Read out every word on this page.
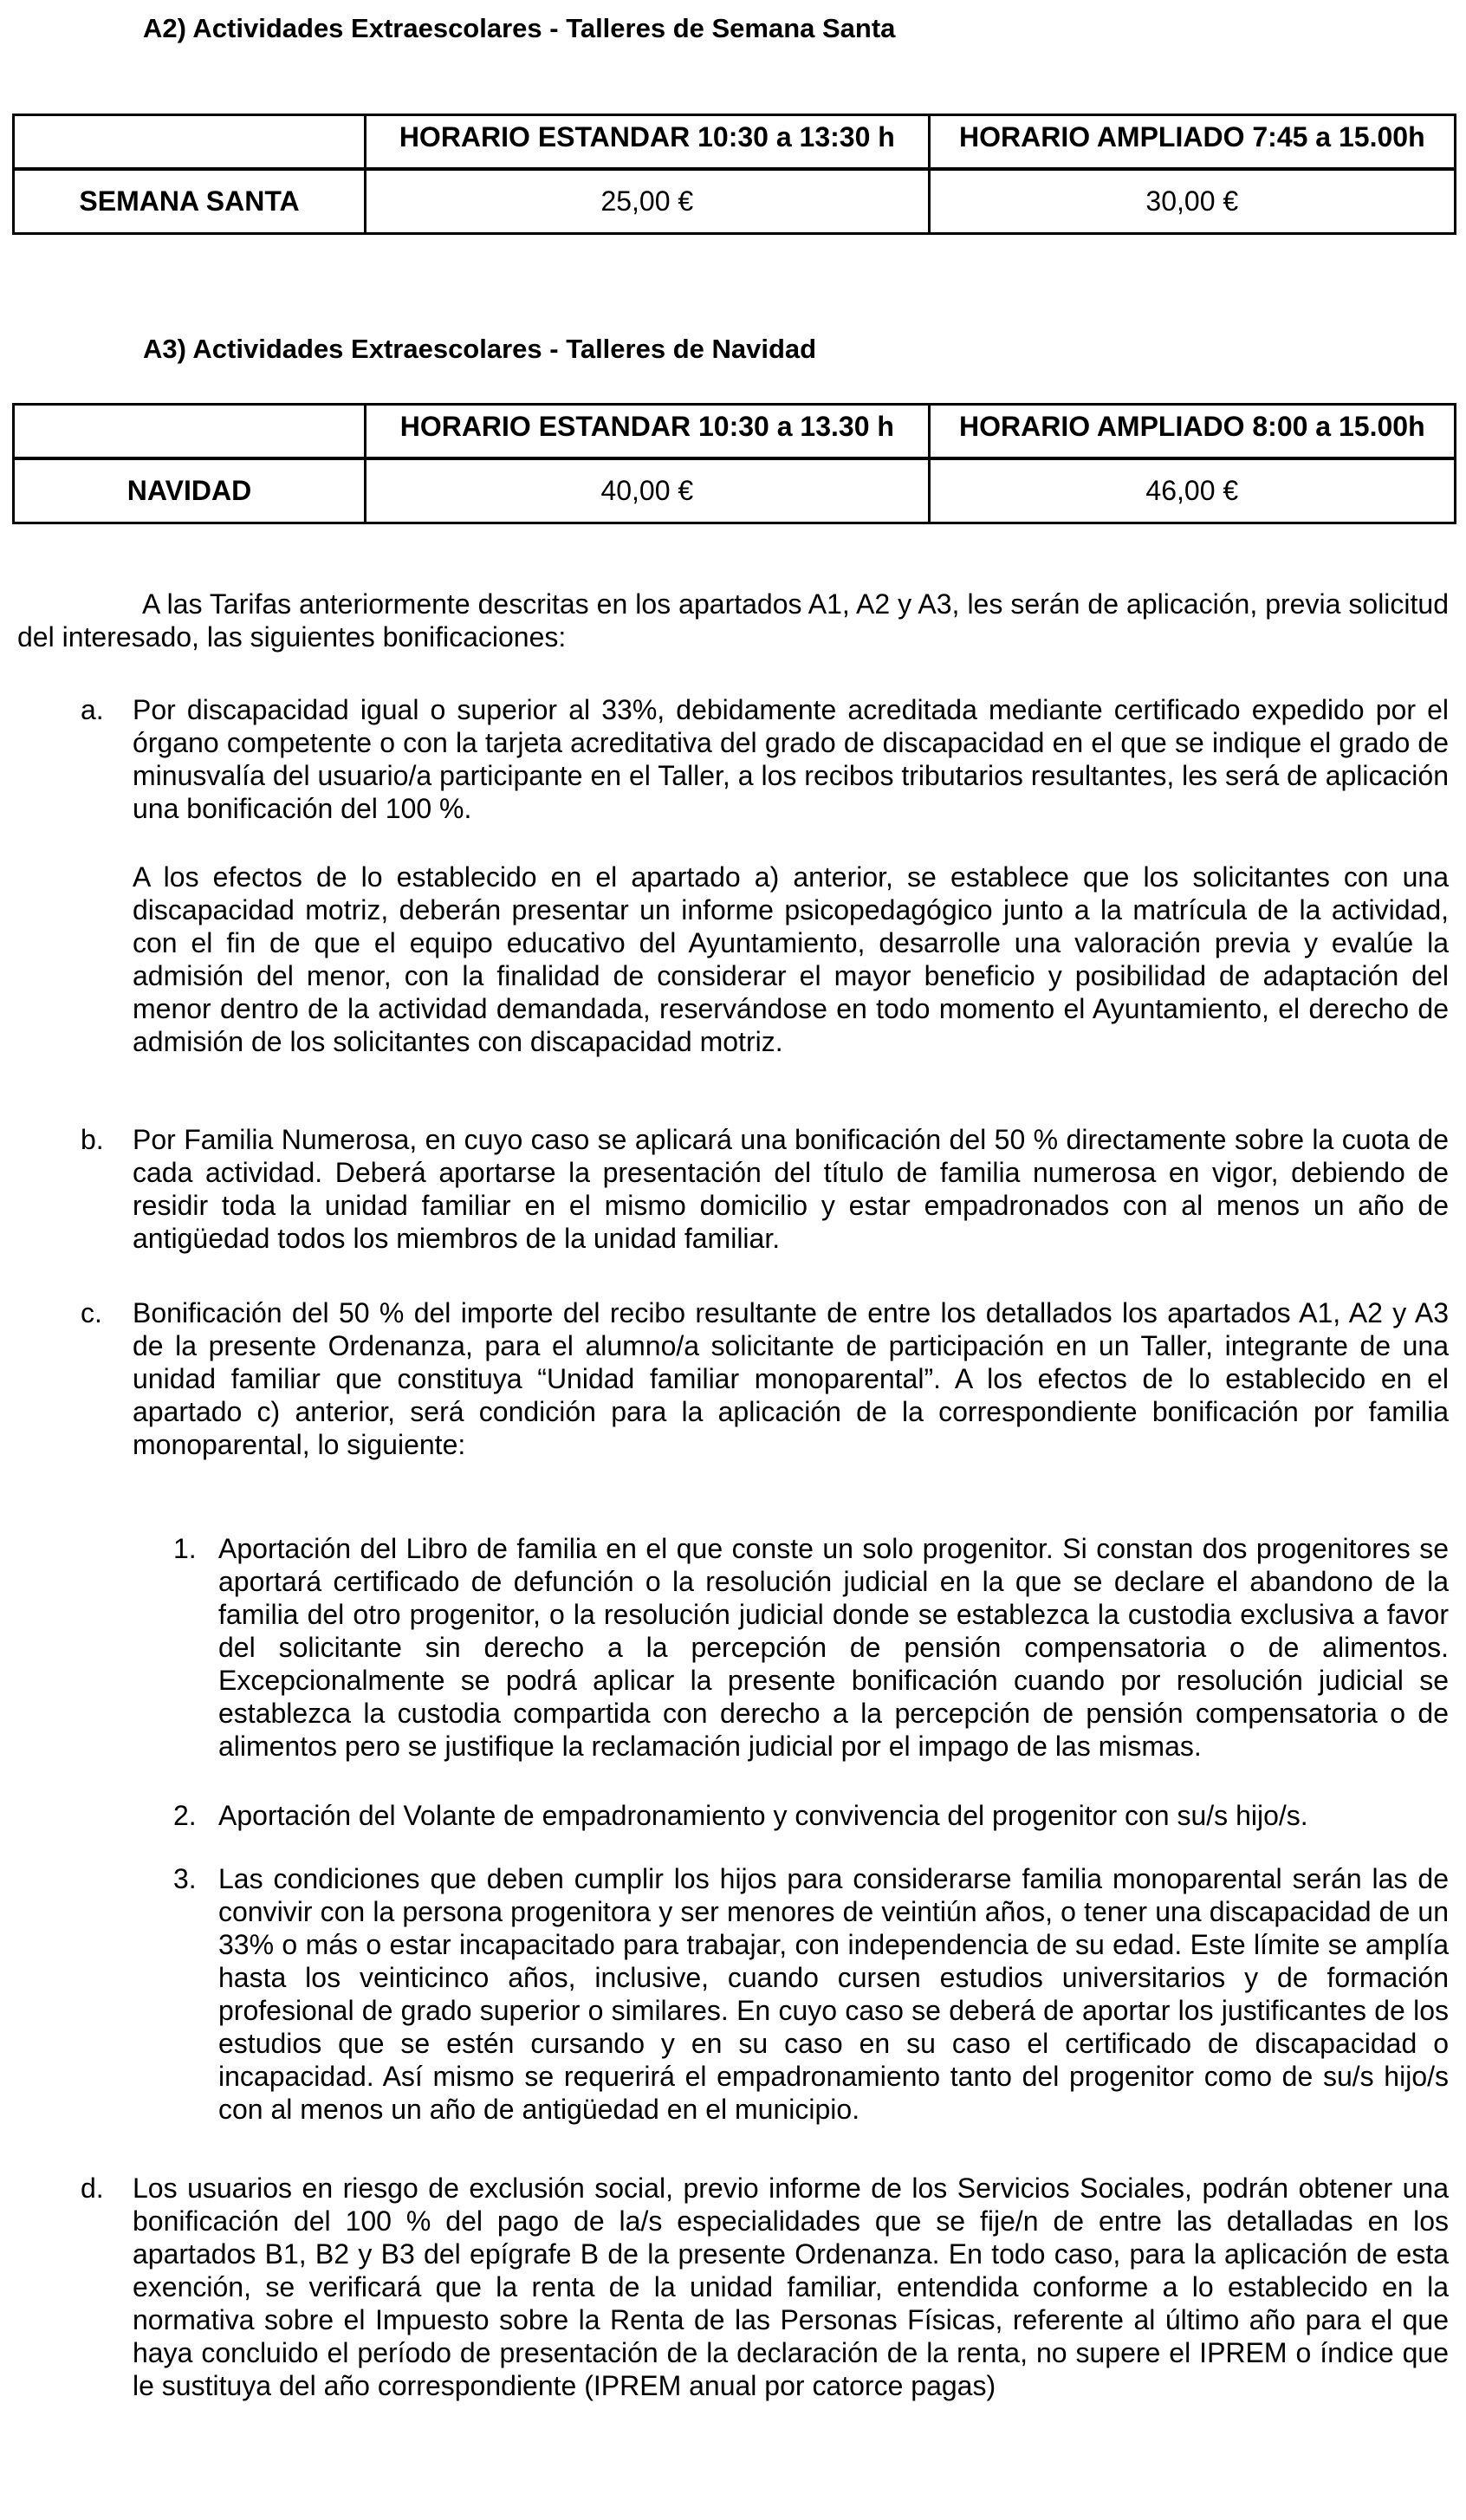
A2) Actividades Extraescolares - Talleres de Semana Santa
	HORARIO ESTANDAR 10:30 a 13:30 h	HORARIO AMPLIADO 7:45 a 15.00h
SEMANA SANTA	25,00 €	30,00 €
A3) Actividades Extraescolares - Talleres de Navidad
	HORARIO ESTANDAR 10:30 a 13.30 h	HORARIO AMPLIADO 8:00 a 15.00h
NAVIDAD	40,00 €	46,00 €
A las Tarifas anteriormente descritas en los apartados A1, A2 y A3, les serán de aplicación, previa solicitud del interesado, las siguientes bonificaciones:
a. Por discapacidad igual o superior al 33%, debidamente acreditada mediante certificado expedido por el órgano competente o con la tarjeta acreditativa del grado de discapacidad en el que se indique el grado de minusvalía del usuario/a participante en el Taller, a los recibos tributarios resultantes, les será de aplicación una bonificación del 100 %.
A los efectos de lo establecido en el apartado a) anterior, se establece que los solicitantes con una discapacidad motriz, deberán presentar un informe psicopedagógico junto a la matrícula de la actividad, con el fin de que el equipo educativo del Ayuntamiento, desarrolle una valoración previa y evalúe la admisión del menor, con la finalidad de considerar el mayor beneficio y posibilidad de adaptación del menor dentro de la actividad demandada, reservándose en todo momento el Ayuntamiento, el derecho de admisión de los solicitantes con discapacidad motriz.
b. Por Familia Numerosa, en cuyo caso se aplicará una bonificación del 50 % directamente sobre la cuota de cada actividad. Deberá aportarse la presentación del título de familia numerosa en vigor, debiendo de residir toda la unidad familiar en el mismo domicilio y estar empadronados con al menos un año de antigüedad todos los miembros de la unidad familiar.
c. Bonificación del 50 % del importe del recibo resultante de entre los detallados los apartados A1, A2 y A3 de la presente Ordenanza, para el alumno/a solicitante de participación en un Taller, integrante de una unidad familiar que constituya “Unidad familiar monoparental”. A los efectos de lo establecido en el apartado c) anterior, será condición para la aplicación de la correspondiente bonificación por familia monoparental, lo siguiente:
1. Aportación del Libro de familia en el que conste un solo progenitor. Si constan dos progenitores se aportará certificado de defunción o la resolución judicial en la que se declare el abandono de la familia del otro progenitor, o la resolución judicial donde se establezca la custodia exclusiva a favor del solicitante sin derecho a la percepción de pensión compensatoria o de alimentos. Excepcionalmente se podrá aplicar la presente bonificación cuando por resolución judicial se establezca la custodia compartida con derecho a la percepción de pensión compensatoria o de alimentos pero se justifique la reclamación judicial por el impago de las mismas.
2. Aportación del Volante de empadronamiento y convivencia del progenitor con su/s hijo/s.
3. Las condiciones que deben cumplir los hijos para considerarse familia monoparental serán las de convivir con la persona progenitora y ser menores de veintiún años, o tener una discapacidad de un 33% o más o estar incapacitado para trabajar, con independencia de su edad. Este límite se amplía hasta los veinticinco años, inclusive, cuando cursen estudios universitarios y de formación profesional de grado superior o similares. En cuyo caso se deberá de aportar los justificantes de los estudios que se estén cursando y en su caso en su caso el certificado de discapacidad o incapacidad. Así mismo se requerirá el empadronamiento tanto del progenitor como de su/s hijo/s con al menos un año de antigüedad en el municipio.
d. Los usuarios en riesgo de exclusión social, previo informe de los Servicios Sociales, podrán obtener una bonificación del 100 % del pago de la/s especialidades que se fije/n de entre las detalladas en los apartados B1, B2 y B3 del epígrafe B de la presente Ordenanza. En todo caso, para la aplicación de esta exención, se verificará que la renta de la unidad familiar, entendida conforme a lo establecido en la normativa sobre el Impuesto sobre la Renta de las Personas Físicas, referente al último año para el que haya concluido el período de presentación de la declaración de la renta, no supere el IPREM o índice que le sustituya del año correspondiente (IPREM anual por catorce pagas)
